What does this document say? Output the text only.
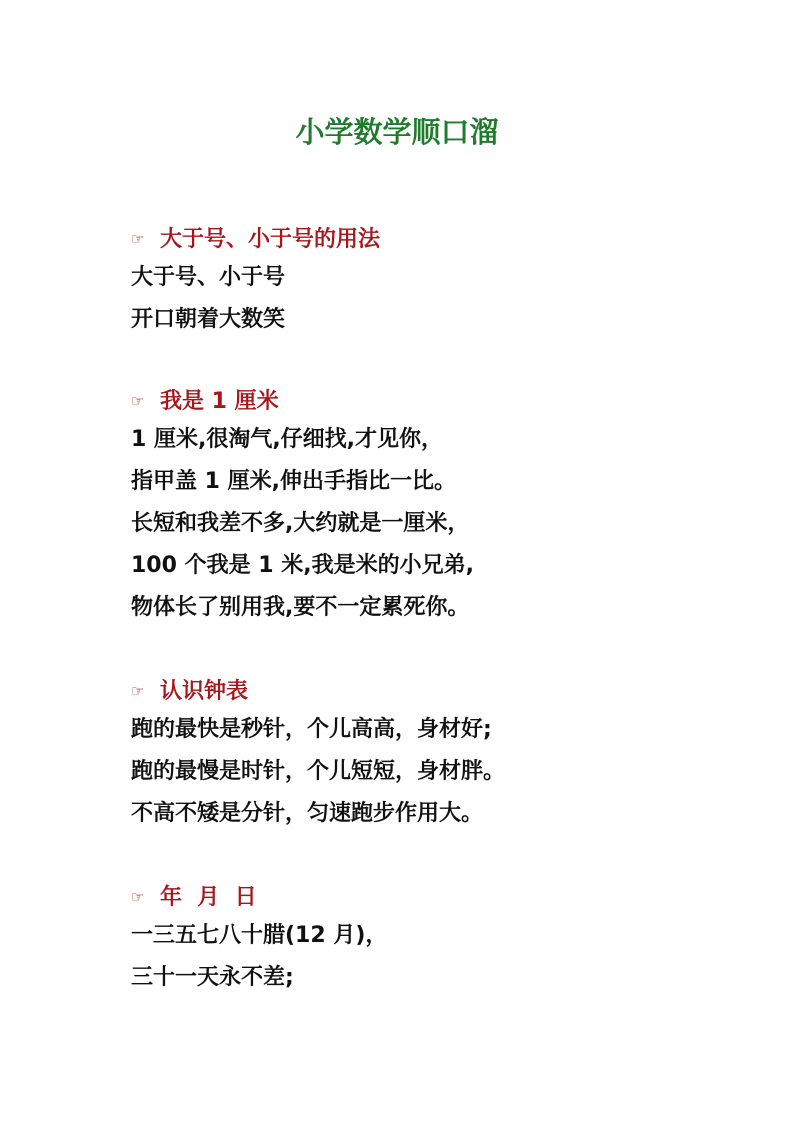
小学数学顺口溜
☞ 大于号、小于号的用法
大于号、小于号
开口朝着大数笑
☞ 我是 1 厘米
1 厘米,很淘气,仔细找,才见你，
指甲盖 1 厘米,伸出手指比一比。
长短和我差不多,大约就是一厘米，
100 个我是 1 米,我是米的小兄弟,
物体长了别用我,要不一定累死你。
☞ 认识钟表
跑的最快是秒针，个儿高高，身材好;
跑的最慢是时针，个儿短短，身材胖。
不高不矮是分针，匀速跑步作用大。
☞ 年  月  日
一三五七八十腊(12 月)，
三十一天永不差;
